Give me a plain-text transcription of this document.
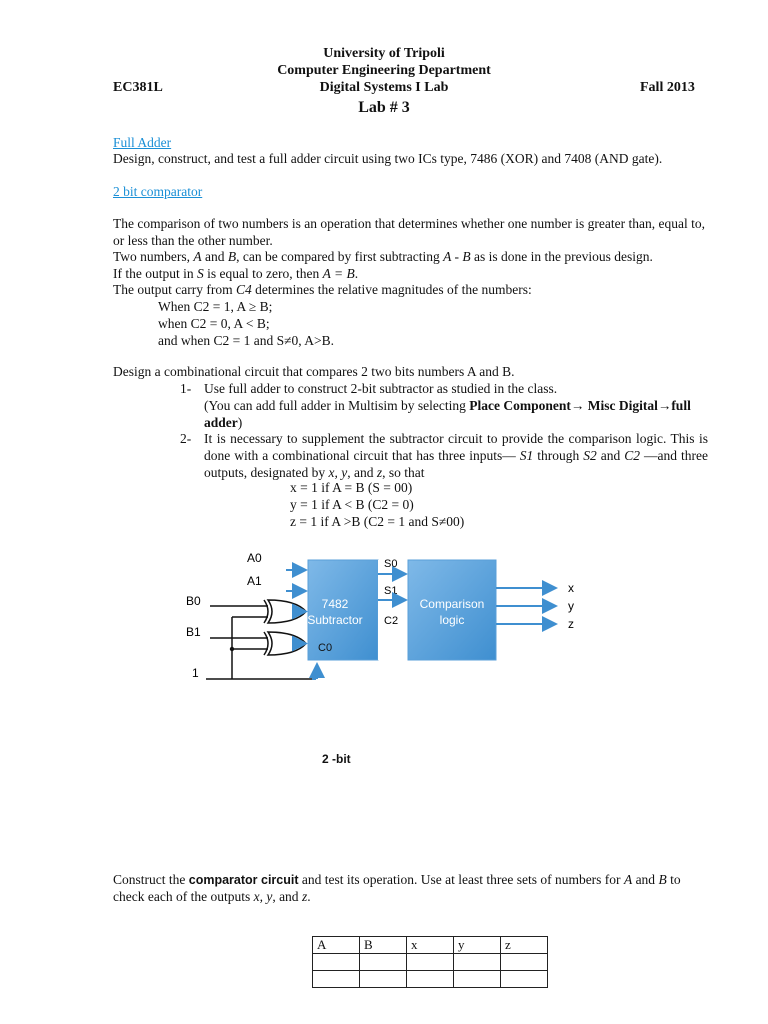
University of Tripoli
Computer Engineering Department
EC381L	Digital Systems I Lab	Fall 2013
Lab # 3
Full Adder
Design, construct, and test a full adder circuit using two ICs type, 7486 (XOR) and 7408 (AND gate).
2 bit comparator
The comparison of two numbers is an operation that determines whether one number is greater than, equal to, or less than the other number.
Two numbers, A and B, can be compared by first subtracting A - B as is done in the previous design.
If the output in S is equal to zero, then A = B.
The output carry from C4 determines the relative magnitudes of the numbers:
When C2 = 1, A ≥ B;
when C2 = 0, A < B;
and when C2 = 1 and S≠0, A>B.
Design a combinational circuit that compares 2 two bits numbers A and B.
1- Use full adder to construct 2-bit subtractor as studied in the class.
(You can add full adder in Multisim by selecting Place Component→ Misc Digital→full adder)
2- It is necessary to supplement the subtractor circuit to provide the comparison logic. This is done with a combinational circuit that has three inputs— S1 through S2 and C2 —and three outputs, designated by x, y, and z, so that
x = 1 if A = B (S = 00)
y = 1 if A < B (C2 = 0)
z = 1 if A >B (C2 = 1 and S≠00)
A0
A1
B0
B1
1
7482
Subtractor
C0
S0
S1
C2
Comparison
logic
x
y
z
2 -bit
Construct the comparator circuit and test its operation. Use at least three sets of numbers for A and B to check each of the outputs x, y, and z.
A	B	x	y	z
